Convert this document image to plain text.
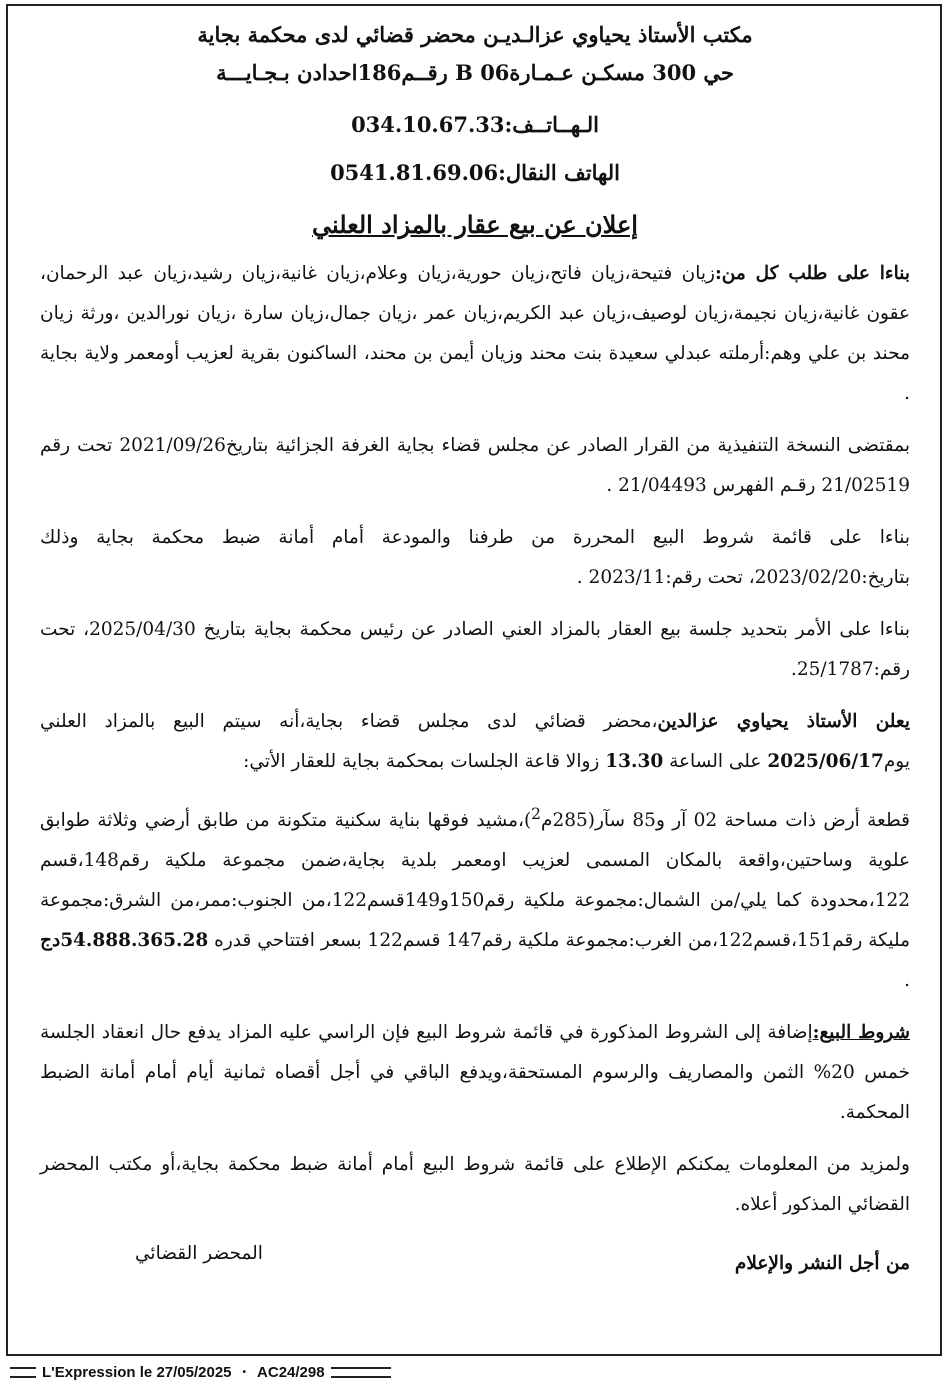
مكتب الأستاذ يحياوي عزالـديـن محضر قضائي لدى محكمة بجاية
حي 300 مسكـن عـمـارة06 B رقــم186احدادن بـجـايـــة
الـهــاتــف:034.10.67.33
الهاتف النقال:0541.81.69.06
إعلان عن بيع عقار بالمزاد العلني

بناءا على طلب كل من:زيان فتيحة،زيان فاتح،زيان حورية،زيان وعلام،زيان غانية،زيان رشيد،زيان عبد الرحمان، عقون غانية،زيان نجيمة،زيان لوصيف،زيان عبد الكريم،زيان عمر ،زيان جمال،زيان سارة ،زيان نورالدين ،ورثة زيان محند بن علي وهم:أرملته عبدلي سعيدة بنت محند وزيان أيمن بن محند، الساكنون بقرية لعزيب أومعمر ولاية بجاية .

بمقتضى النسخة التنفيذية من القرار الصادر عن مجلس قضاء بجاية الغرفة الجزائية بتاريخ2021/09/26 تحت رقم 21/02519 رقـم الفهرس 21/04493 .

بناءا على قائمة شروط البيع المحررة من طرفنا والمودعة أمام أمانة ضبط محكمة بجاية وذلك بتاريخ:2023/02/20، تحت رقم:2023/11 .

بناءا على الأمر بتحديد جلسة بيع العقار بالمزاد العني الصادر عن رئيس محكمة بجاية بتاريخ 2025/04/30، تحت رقم:25/1787.

يعلن الأستاذ يحياوي عزالدين،محضر قضائي لدى مجلس قضاء بجاية،أنه سيتم البيع بالمزاد العلني يوم2025/06/17 على الساعة 13.30 زوالا قاعة الجلسات بمحكمة بجاية للعقار الأتي:

قطعة أرض ذات مساحة 02 آر و85 سآر(285م$^2$)،مشيد فوقها بناية سكنية متكونة من طابق أرضي وثلاثة طوابق علوية وساحتين،واقعة بالمكان المسمى لعزيب اومعمر بلدية بجاية،ضمن مجموعة ملكية رقم148،قسم 122،محدودة كما يلي/من الشمال:مجموعة ملكية رقم150و149قسم122،من الجنوب:ممر،من الشرق:مجموعة مليكة رقم151،قسم122،من الغرب:مجموعة ملكية رقم147 قسم122 بسعر افتتاحي قدره 54.888.365.28دج .

شروط البيع:إضافة إلى الشروط المذكورة في قائمة شروط البيع فإن الراسي عليه المزاد يدفع حال انعقاد الجلسة خمس 20% الثمن والمصاريف والرسوم المستحقة،ويدفع الباقي في أجل أقصاه ثمانية أيام أمام أمانة الضبط المحكمة.

ولمزيد من المعلومات يمكنكم الإطلاع على قائمة شروط البيع أمام أمانة ضبط محكمة بجاية،أو مكتب المحضر القضائي المذكور أعلاه.

من أجل النشر والإعلام
المحضر القضائي
L'Expression le 27/05/2025	• AC24/298
